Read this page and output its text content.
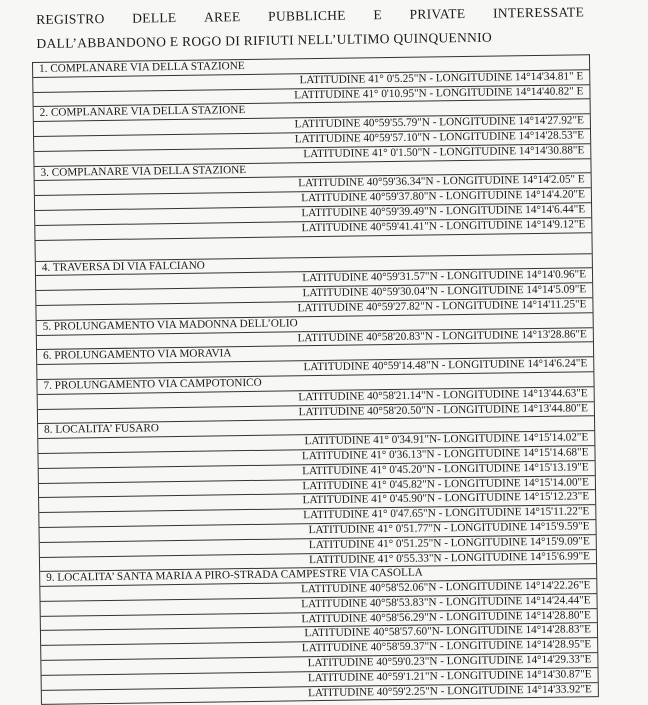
REGISTRO DELLE AREE PUBBLICHE E PRIVATE INTERESSATE
DALL’ABBANDONO E ROGO DI RIFIUTI NELL’ULTIMO QUINQUENNIO
1. COMPLANARE VIA DELLA STAZIONE
LATITUDINE 41° 0'5.25"N - LONGITUDINE 14°14'34.81" E
LATITUDINE 41° 0'10.95"N - LONGITUDINE 14°14'40.82" E
2. COMPLANARE VIA DELLA STAZIONE
LATITUDINE 40°59'55.79"N - LONGITUDINE 14°14'27.92"E
LATITUDINE 40°59'57.10"N - LONGITUDINE 14°14'28.53"E
LATITUDINE 41° 0'1.50"N - LONGITUDINE 14°14'30.88"E
3. COMPLANARE VIA DELLA STAZIONE
LATITUDINE 40°59'36.34"N - LONGITUDINE 14°14'2.05" E
LATITUDINE 40°59'37.80"N - LONGITUDINE 14°14'4.20"E
LATITUDINE 40°59'39.49"N - LONGITUDINE 14°14'6.44"E
LATITUDINE 40°59'41.41"N - LONGITUDINE 14°14'9.12"E
4. TRAVERSA DI VIA FALCIANO
LATITUDINE 40°59'31.57"N - LONGITUDINE 14°14'0.96"E
LATITUDINE 40°59'30.04"N - LONGITUDINE 14°14'5.09"E
LATITUDINE 40°59'27.82"N - LONGITUDINE 14°14'11.25"E
5. PROLUNGAMENTO VIA MADONNA DELL’OLIO
LATITUDINE 40°58'20.83"N - LONGITUDINE 14°13'28.86"E
6. PROLUNGAMENTO VIA MORAVIA
LATITUDINE 40°59'14.48"N - LONGITUDINE 14°14'6.24"E
7. PROLUNGAMENTO VIA CAMPOTONICO
LATITUDINE 40°58'21.14"N - LONGITUDINE 14°13'44.63"E
LATITUDINE 40°58'20.50"N - LONGITUDINE 14°13'44.80"E
8. LOCALITA’ FUSARO
LATITUDINE 41° 0'34.91"N- LONGITUDINE 14°15'14.02"E
LATITUDINE 41° 0'36.13"N - LONGITUDINE 14°15'14.68"E
LATITUDINE 41° 0'45.20"N - LONGITUDINE 14°15'13.19"E
LATITUDINE 41° 0'45.82"N - LONGITUDINE 14°15'14.00"E
LATITUDINE 41° 0'45.90"N - LONGITUDINE 14°15'12.23"E
LATITUDINE 41° 0'47.65"N - LONGITUDINE 14°15'11.22"E
LATITUDINE 41° 0'51.77"N - LONGITUDINE 14°15'9.59"E
LATITUDINE 41° 0'51.25"N - LONGITUDINE 14°15'9.09"E
LATITUDINE 41° 0'55.33"N - LONGITUDINE 14°15'6.99"E
9. LOCALITA’ SANTA MARIA A PIRO-STRADA CAMPESTRE VIA CASOLLA
LATITUDINE 40°58'52.06"N - LONGITUDINE 14°14'22.26"E
LATITUDINE 40°58'53.83"N - LONGITUDINE 14°14'24.44"E
LATITUDINE 40°58'56.29"N - LONGITUDINE 14°14'28.80"E
LATITUDINE 40°58'57.60"N- LONGITUDINE 14°14'28.83"E
LATITUDINE 40°58'59.37"N - LONGITUDINE 14°14'28.95"E
LATITUDINE 40°59'0.23"N - LONGITUDINE 14°14'29.33"E
LATITUDINE 40°59'1.21"N - LONGITUDINE 14°14'30.87"E
LATITUDINE 40°59'2.25"N - LONGITUDINE 14°14'33.92"E
